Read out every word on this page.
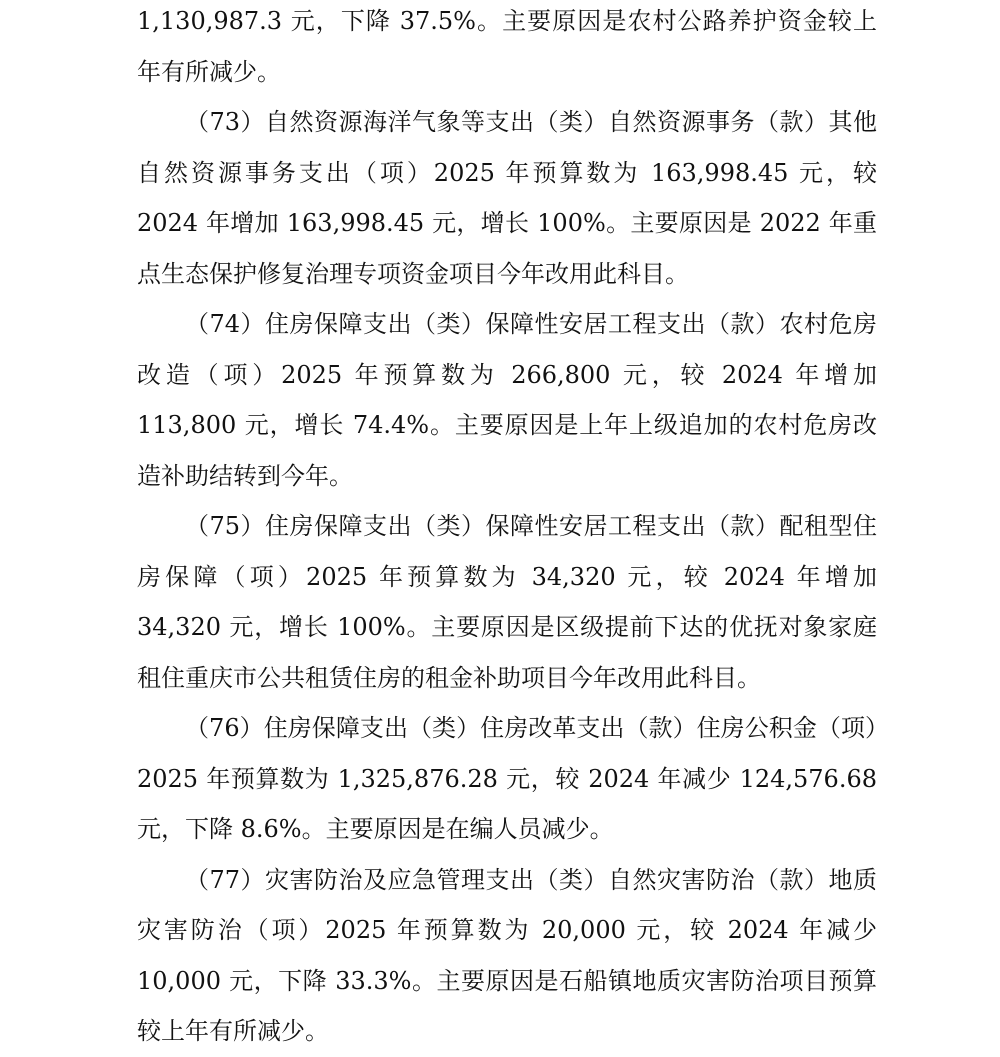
1,130,987.3 元，下降 37.5%。主要原因是农村公路养护资金较上年有所减少。

（73）自然资源海洋气象等支出（类）自然资源事务（款）其他自然资源事务支出（项）2025 年预算数为 163,998.45 元，较 2024 年增加 163,998.45 元，增长 100%。主要原因是 2022 年重点生态保护修复治理专项资金项目今年改用此科目。

（74）住房保障支出（类）保障性安居工程支出（款）农村危房改造（项）2025 年预算数为 266,800 元，较 2024 年增加 113,800 元，增长 74.4%。主要原因是上年上级追加的农村危房改造补助结转到今年。

（75）住房保障支出（类）保障性安居工程支出（款）配租型住房保障（项）2025 年预算数为 34,320 元，较 2024 年增加 34,320 元，增长 100%。主要原因是区级提前下达的优抚对象家庭租住重庆市公共租赁住房的租金补助项目今年改用此科目。

（76）住房保障支出（类）住房改革支出（款）住房公积金（项）2025 年预算数为 1,325,876.28 元，较 2024 年减少 124,576.68 元，下降 8.6%。主要原因是在编人员减少。

（77）灾害防治及应急管理支出（类）自然灾害防治（款）地质灾害防治（项）2025 年预算数为 20,000 元，较 2024 年减少 10,000 元，下降 33.3%。主要原因是石船镇地质灾害防治项目预算较上年有所减少。
